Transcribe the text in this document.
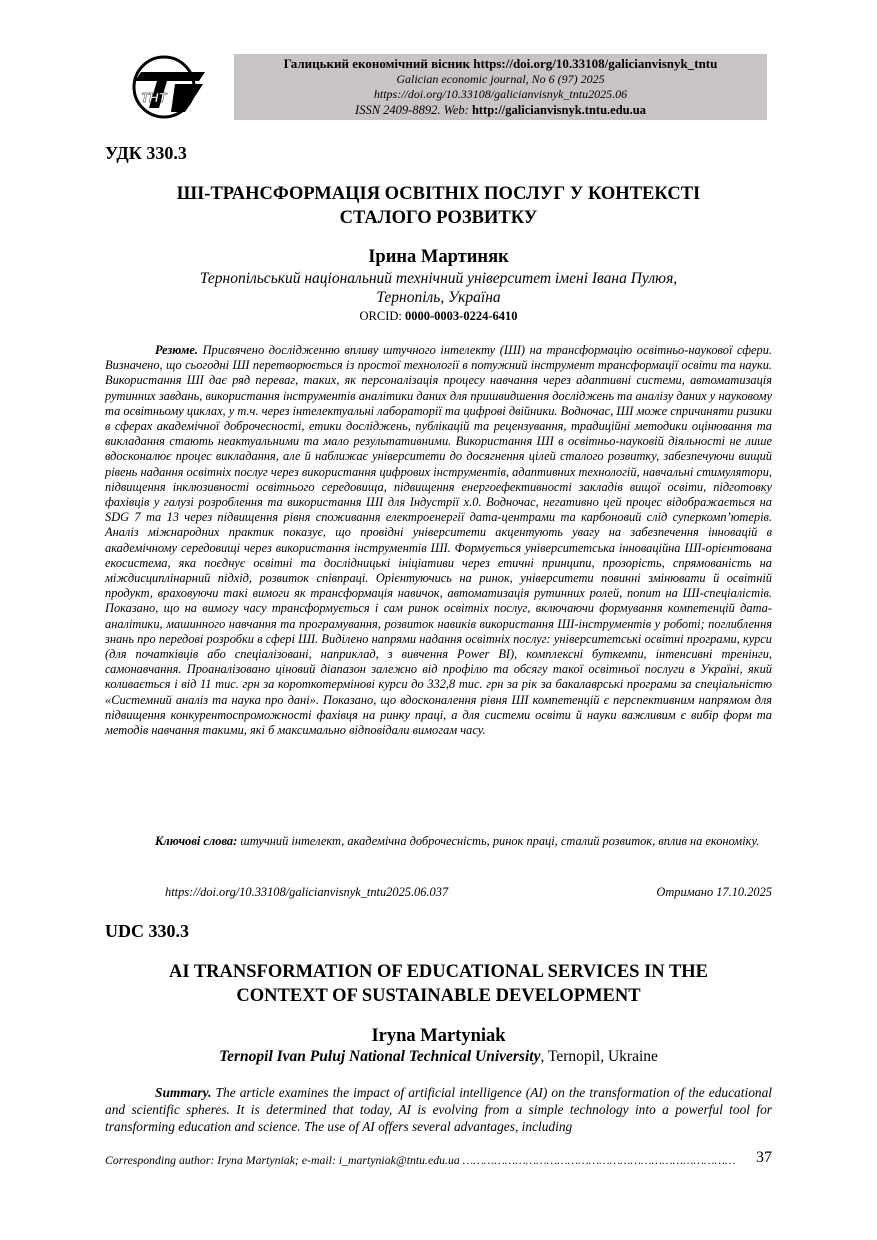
ТНТ
Галицький економічний вісник https://doi.org/10.33108/galicianvisnyk_tntu
Galician economic journal, No 6 (97) 2025
https://doi.org/10.33108/galicianvisnyk_tntu2025.06
ISSN 2409-8892. Web: http://galicianvisnyk.tntu.edu.ua
УДК 330.3
ШІ-ТРАНСФОРМАЦІЯ ОСВІТНІХ ПОСЛУГ У КОНТЕКСТІ
СТАЛОГО РОЗВИТКУ
Ірина Мартиняк
Тернопільський національний технічний університет імені Івана Пулюя,
Тернопіль, Україна
ORCID: 0000-0003-0224-6410

Резюме. Присвячено дослідженню впливу штучного інтелекту (ШІ) на трансформацію освітньо-наукової сфери. Визначено, що сьогодні ШІ перетворюється із простої технології в потужний інструмент трансформації освіти та науки. Використання ШІ дає ряд переваг, таких, як персоналізація процесу навчання через адаптивні системи, автоматизація рутинних завдань, використання інструментів аналітики даних для пришвидшення досліджень та аналізу даних у науковому та освітньому циклах, у т.ч. через інтелектуальні лабораторії та цифрові двійники. Водночас, ШІ може спричиняти ризики в сферах академічної доброчесності, етики досліджень, публікацій та рецензування, традиційні методики оцінювання та викладання стають неактуальними та мало результативними. Використання ШІ в освітньо-науковій діяльності не лише вдосконалює процес викладання, але й наближає університети до досягнення цілей сталого розвитку, забезпечуючи вищий рівень надання освітніх послуг через використання цифрових інструментів, адаптивних технологій, навчальні стимулятори, підвищення інклюзивності освітнього середовища, підвищення енергоефективності закладів вищої освіти, підготовку фахівців у галузі розроблення та використання ШІ для Індустрії х.0. Водночас, негативно цей процес відображається на SDG 7 та 13 через підвищення рівня споживання електроенергії дата-центрами та карбоновий слід суперкомп’ютерів. Аналіз міжнародних практик показує, що провідні університети акцентують увагу на забезпечення інновацій в академічному середовищі через використання інструментів ШІ. Формується університетська інноваційна ШІ-орієнтована екосистема, яка поєднує освітні та дослідницькі ініціативи через етичні принципи, прозорість, спрямованість на міждисциплінарний підхід, розвиток співпраці. Орієнтуючись на ринок, університети повинні змінювати й освітній продукт, враховуючи такі вимоги як трансформація навичок, автоматизація рутинних ролей, попит на ШІ-спеціалістів. Показано, що на вимогу часу трансформується і сам ринок освітніх послуг, включаючи формування компетенцій дата-аналітики, машинного навчання та програмування, розвиток навиків використання ШІ-інструментів у роботі; поглиблення знань про передові розробки в сфері ШІ. Виділено напрями надання освітніх послуг: університетські освітні програми, курси (для початківців або спеціалізовані, наприклад, з вивчення Power BI), комплексні буткемпи, інтенсивні тренінги, самонавчання. Проаналізовано ціновий діапазон залежно від профілю та обсягу такої освітньої послуги в Україні, який коливається і від 11 тис. грн за короткотермінові курси до 332,8 тис. грн за рік за бакалаврські програми за спеціальністю «Системний аналіз та наука про дані». Показано, що вдосконалення рівня ШІ компетенцій є перспективним напрямом для підвищення конкурентоспроможності фахівця на ринку праці, а для системи освіти й науки важливим є вибір форм та методів навчання такими, які б максимально відповідали вимогам часу.

Ключові слова: штучний інтелект, академічна доброчесність, ринок праці, сталий розвиток, вплив на економіку.

https://doi.org/10.33108/galicianvisnyk_tntu2025.06.037	Отримано 17.10.2025
UDC 330.3
AI TRANSFORMATION OF EDUCATIONAL SERVICES IN THE
CONTEXT OF SUSTAINABLE DEVELOPMENT
Iryna Martyniak
Ternopil Ivan Puluj National Technical University, Ternopil, Ukraine

Summary. The article examines the impact of artificial intelligence (AI) on the transformation of the educational and scientific spheres. It is determined that today, AI is evolving from a simple technology into a powerful tool for transforming education and science. The use of AI offers several advantages, including

Corresponding author: Iryna Martyniak; e-mail: i_martyniak@tntu.edu.ua …………………………………………………………………… 37
